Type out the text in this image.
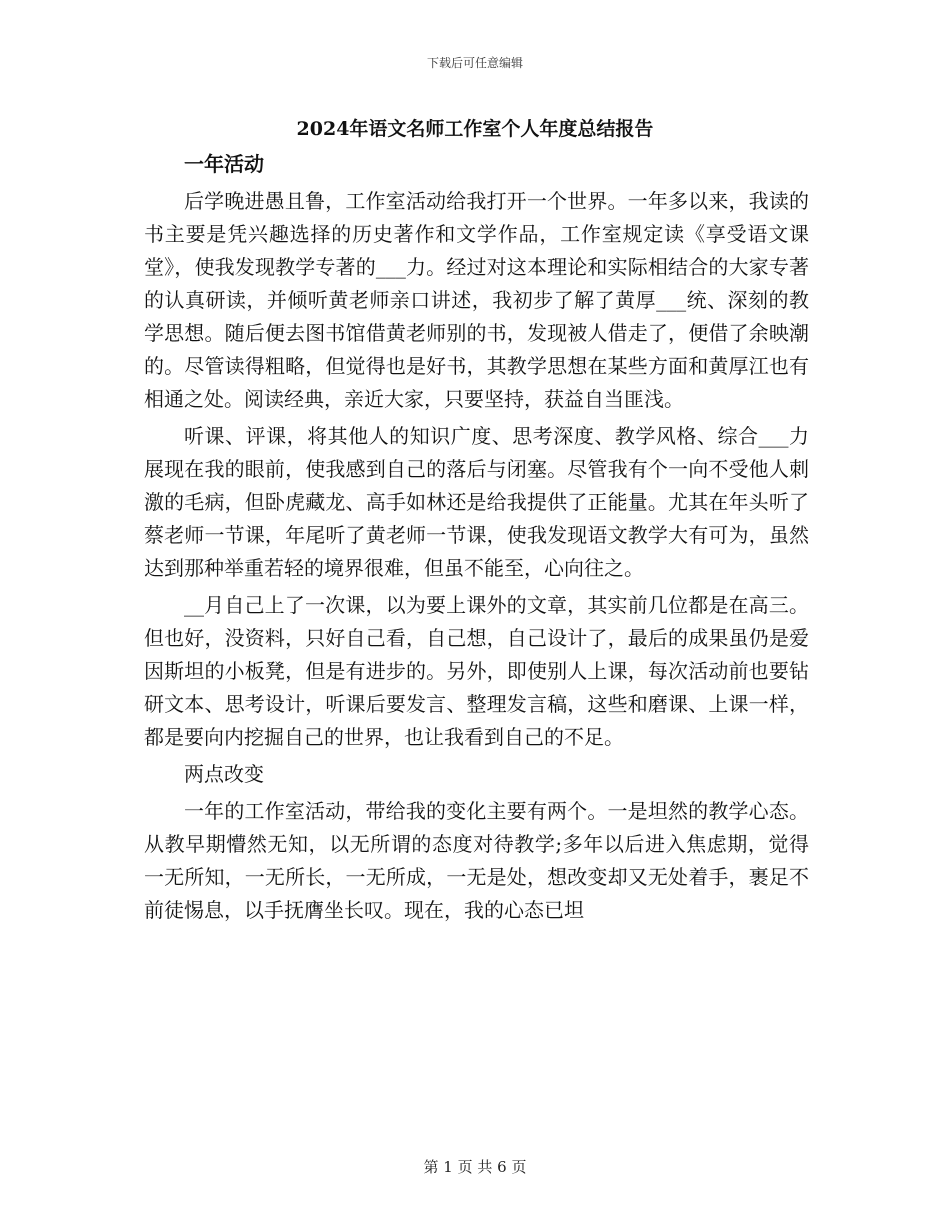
下载后可任意编辑
2024年语文名师工作室个人年度总结报告

一年活动

后学晚进愚且鲁，工作室活动给我打开一个世界。一年多以来，我读的书主要是凭兴趣选择的历史著作和文学作品，工作室规定读《享受语文课堂》，使我发现教学专著的___力。经过对这本理论和实际相结合的大家专著的认真研读，并倾听黄老师亲口讲述，我初步了解了黄厚___统、深刻的教学思想。随后便去图书馆借黄老师别的书，发现被人借走了，便借了余映潮的。尽管读得粗略，但觉得也是好书，其教学思想在某些方面和黄厚江也有相通之处。阅读经典，亲近大家，只要坚持，获益自当匪浅。

听课、评课，将其他人的知识广度、思考深度、教学风格、综合___力展现在我的眼前，使我感到自己的落后与闭塞。尽管我有个一向不受他人刺激的毛病，但卧虎藏龙、高手如林还是给我提供了正能量。尤其在年头听了蔡老师一节课，年尾听了黄老师一节课，使我发现语文教学大有可为，虽然达到那种举重若轻的境界很难，但虽不能至，心向往之。

__月自己上了一次课，以为要上课外的文章，其实前几位都是在高三。但也好，没资料，只好自己看，自己想，自己设计了，最后的成果虽仍是爱因斯坦的小板凳，但是有进步的。另外，即使别人上课，每次活动前也要钻研文本、思考设计，听课后要发言、整理发言稿，这些和磨课、上课一样，都是要向内挖掘自己的世界，也让我看到自己的不足。

两点改变

一年的工作室活动，带给我的变化主要有两个。一是坦然的教学心态。从教早期懵然无知，以无所谓的态度对待教学;多年以后进入焦虑期，觉得一无所知，一无所长，一无所成，一无是处，想改变却又无处着手，裹足不前徒惕息，以手抚膺坐长叹。现在，我的心态已坦

第 1 页 共 6 页
